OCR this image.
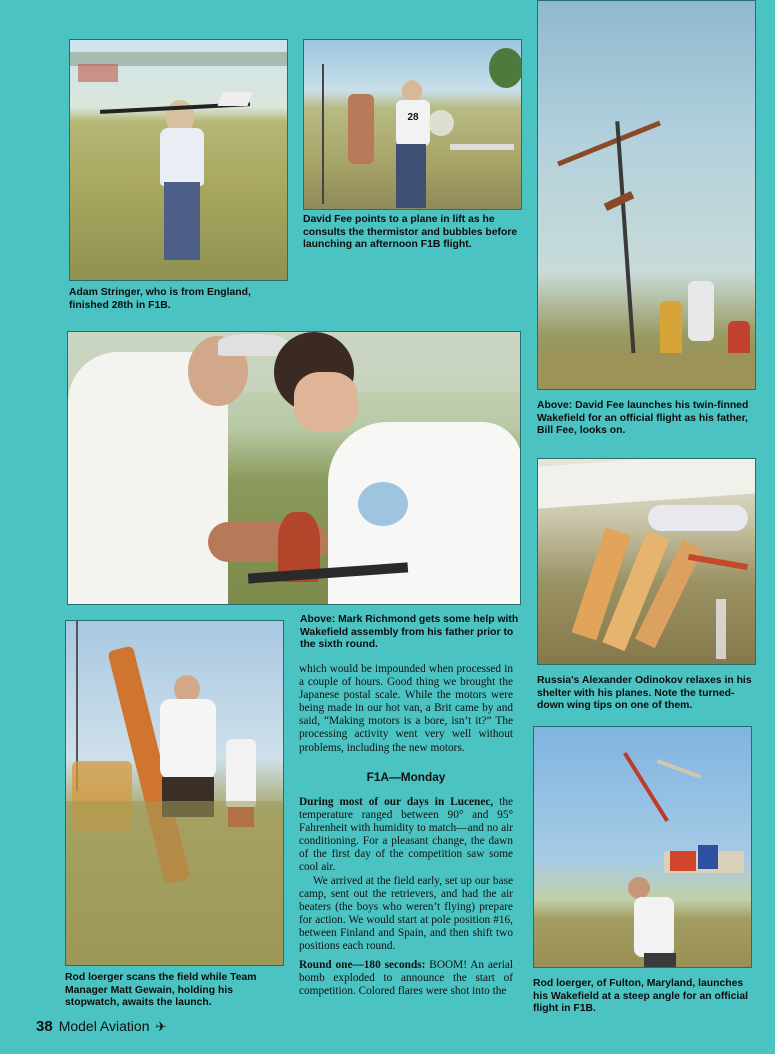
Adam Stringer, who is from England, finished 28th in F1B.

28

David Fee points to a plane in lift as he consults the thermistor and bubbles before launching an afternoon F1B flight.

Above: David Fee launches his twin-finned Wakefield for an official flight as his father, Bill Fee, looks on.

Above: Mark Richmond gets some help with Wakefield assembly from his father prior to the sixth round.

Russia's Alexander Odinokov relaxes in his shelter with his planes. Note the turned-down wing tips on one of them.

Rod loerger scans the field while Team Manager Matt Gewain, holding his stopwatch, awaits the launch.

Rod loerger, of Fulton, Maryland, launches his Wakefield at a steep angle for an official flight in F1B.

which would be impounded when processed in a couple of hours. Good thing we brought the Japanese postal scale. While the motors were being made in our hot van, a Brit came by and said, “Making motors is a bore, isn’t it?” The processing activity went very well without problems, including the new motors.

F1A—Monday

During most of our days in Lucenec, the temperature ranged between 90° and 95° Fahrenheit with humidity to match—and no air conditioning. For a pleasant change, the dawn of the first day of the competition saw some cool air.

We arrived at the field early, set up our base camp, sent out the retrievers, and had the air beaters (the boys who weren’t flying) prepare for action. We would start at pole position #16, between Finland and Spain, and then shift two positions each round.

Round one—180 seconds: BOOM! An aerial bomb exploded to announce the start of competition. Colored flares were shot into the

38 Model Aviation ✈
